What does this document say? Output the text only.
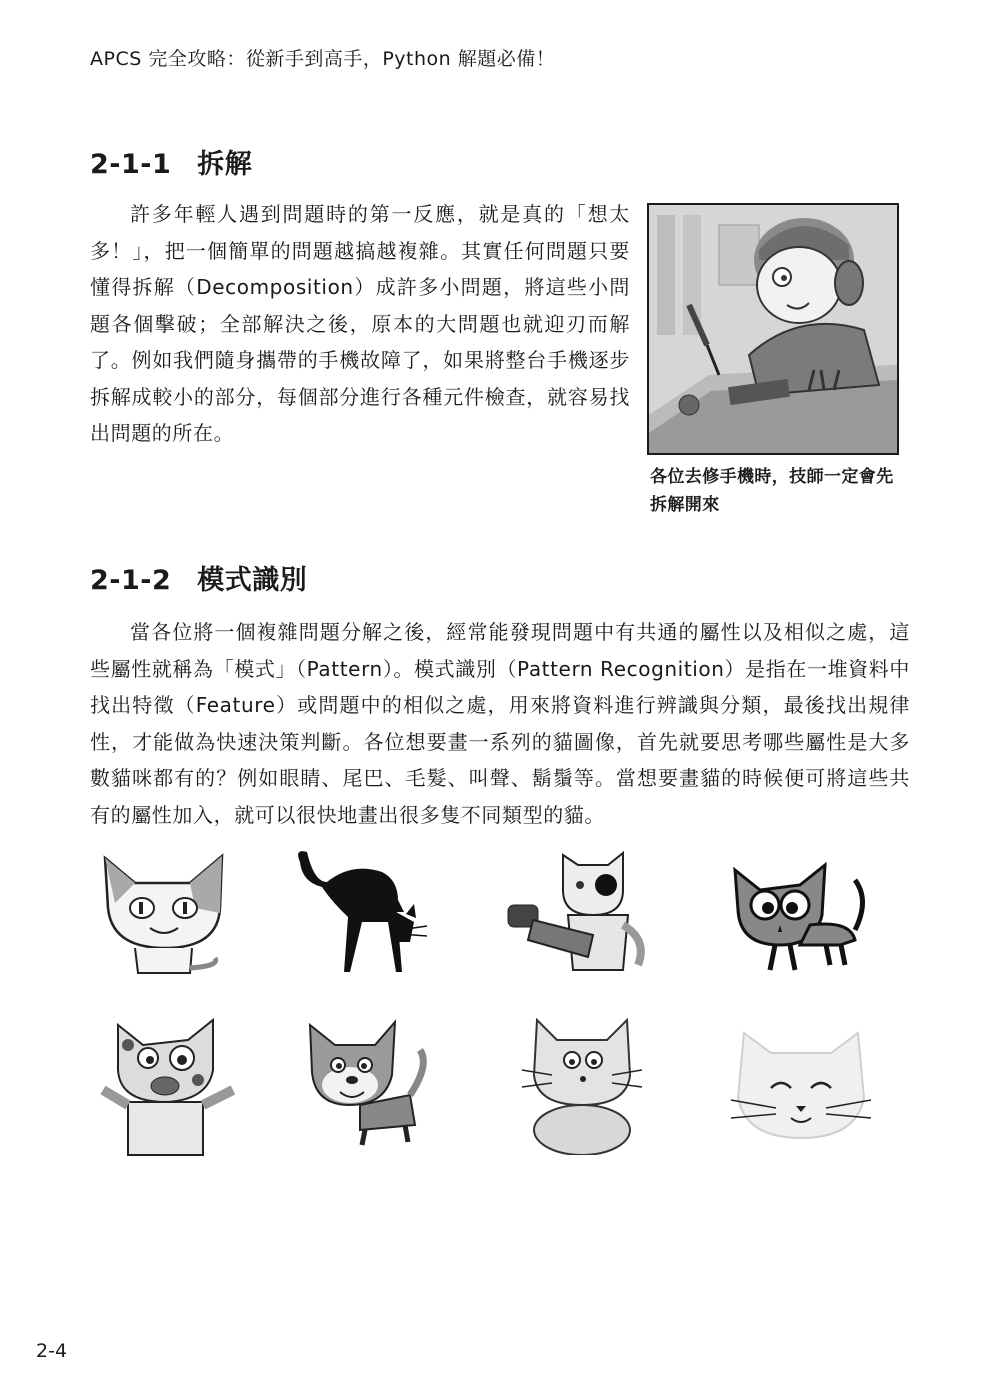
APCS 完全攻略：從新手到高手，Python 解題必備！
2-1-1 拆解

許多年輕人遇到問題時的第一反應，就是真的「想太多！」，把一個簡單的問題越搞越複雜。其實任何問題只要懂得拆解（Decomposition）成許多小問題，將這些小問題各個擊破；全部解決之後，原本的大問題也就迎刃而解了。例如我們隨身攜帶的手機故障了，如果將整台手機逐步拆解成較小的部分，每個部分進行各種元件檢查，就容易找出問題的所在。

各位去修手機時，技師一定會先拆解開來
2-1-2 模式識別

當各位將一個複雜問題分解之後，經常能發現問題中有共通的屬性以及相似之處，這些屬性就稱為「模式」（Pattern）。模式識別（Pattern Recognition）是指在一堆資料中找出特徵（Feature）或問題中的相似之處，用來將資料進行辨識與分類，最後找出規律性，才能做為快速決策判斷。各位想要畫一系列的貓圖像，首先就要思考哪些屬性是大多數貓咪都有的？例如眼睛、尾巴、毛髮、叫聲、鬍鬚等。當想要畫貓的時候便可將這些共有的屬性加入，就可以很快地畫出很多隻不同類型的貓。

2-4
